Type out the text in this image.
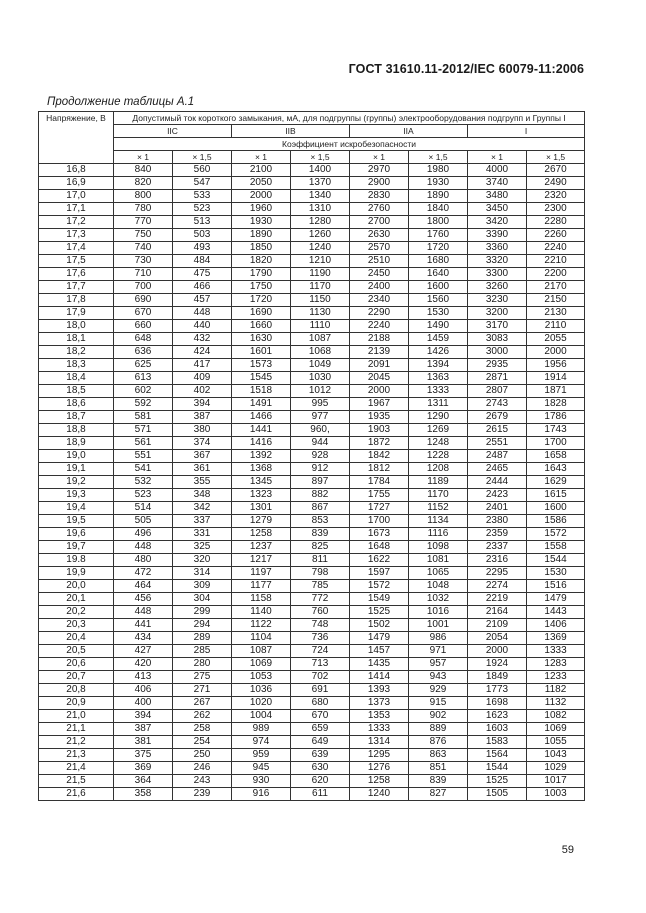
ГОСТ 31610.11-2012/IEC 60079-11:2006
Продолжение таблицы А.1
Напряжение, В	Допустимый ток короткого замыкания, мА, для подгруппы (группы) электрооборудования подгрупп и Группы I							
	IIC		IIB		IIA		I	
	Коэффициент искробезопасности							
	× 1	× 1,5	× 1	× 1,5	× 1	× 1,5	× 1	× 1,5
16,8	840	560	2100	1400	2970	1980	4000	2670
16,9	820	547	2050	1370	2900	1930	3740	2490
17,0	800	533	2000	1340	2830	1890	3480	2320
17,1	780	523	1960	1310	2760	1840	3450	2300
17,2	770	513	1930	1280	2700	1800	3420	2280
17,3	750	503	1890	1260	2630	1760	3390	2260
17,4	740	493	1850	1240	2570	1720	3360	2240
17,5	730	484	1820	1210	2510	1680	3320	2210
17,6	710	475	1790	1190	2450	1640	3300	2200
17,7	700	466	1750	1170	2400	1600	3260	2170
17,8	690	457	1720	1150	2340	1560	3230	2150
17,9	670	448	1690	1130	2290	1530	3200	2130
18,0	660	440	1660	1110	2240	1490	3170	2110
18,1	648	432	1630	1087	2188	1459	3083	2055
18,2	636	424	1601	1068	2139	1426	3000	2000
18,3	625	417	1573	1049	2091	1394	2935	1956
18,4	613	409	1545	1030	2045	1363	2871	1914
18,5	602	402	1518	1012	2000	1333	2807	1871
18,6	592	394	1491	995	1967	1311	2743	1828
18,7	581	387	1466	977	1935	1290	2679	1786
18,8	571	380	1441	960,	1903	1269	2615	1743
18,9	561	374	1416	944	1872	1248	2551	1700
19,0	551	367	1392	928	1842	1228	2487	1658
19,1	541	361	1368	912	1812	1208	2465	1643
19,2	532	355	1345	897	1784	1189	2444	1629
19,3	523	348	1323	882	1755	1170	2423	1615
19,4	514	342	1301	867	1727	1152	2401	1600
19,5	505	337	1279	853	1700	1134	2380	1586
19,6	496	331	1258	839	1673	1116	2359	1572
19,7	448	325	1237	825	1648	1098	2337	1558
19.8	480	320	1217	811	1622	1081	2316	1544
19,9	472	314	1197	798	1597	1065	2295	1530
20,0	464	309	1177	785	1572	1048	2274	1516
20,1	456	304	1158	772	1549	1032	2219	1479
20,2	448	299	1140	760	1525	1016	2164	1443
20,3	441	294	1122	748	1502	1001	2109	1406
20,4	434	289	1104	736	1479	986	2054	1369
20,5	427	285	1087	724	1457	971	2000	1333
20,6	420	280	1069	713	1435	957	1924	1283
20,7	413	275	1053	702	1414	943	1849	1233
20,8	406	271	1036	691	1393	929	1773	1182
20,9	400	267	1020	680	1373	915	1698	1132
21,0	394	262	1004	670	1353	902	1623	1082
21,1	387	258	989	659	1333	889	1603	1069
21,2	381	254	974	649	1314	876	1583	1055
21,3	375	250	959	639	1295	863	1564	1043
21,4	369	246	945	630	1276	851	1544	1029
21,5	364	243	930	620	1258	839	1525	1017
21,6	358	239	916	611	1240	827	1505	1003
59
